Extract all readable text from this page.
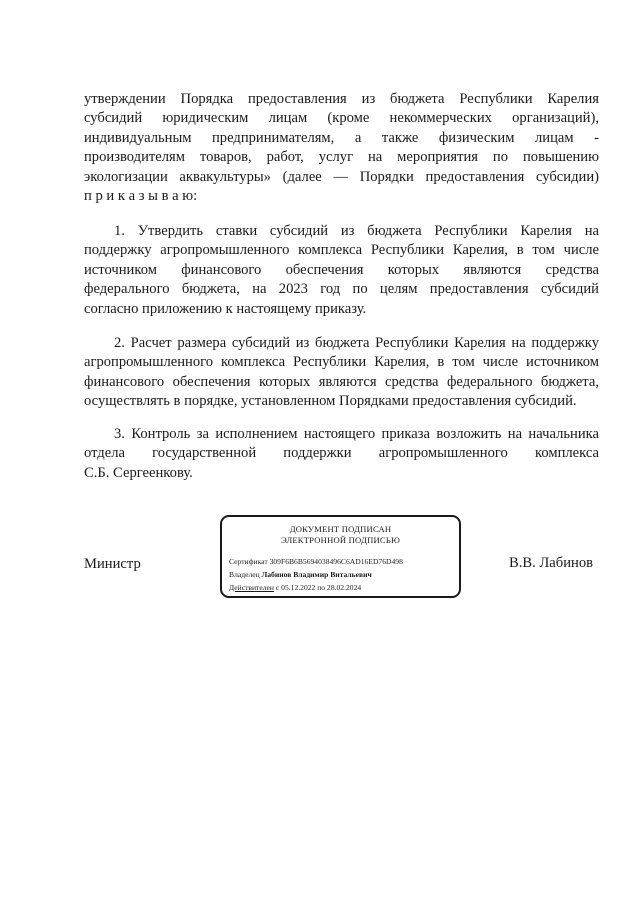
утверждении Порядка предоставления из бюджета Республики Карелия
субсидий юридическим лицам (кроме некоммерческих организаций),
индивидуальным предпринимателям, а также физическим лицам -
производителям товаров, работ, услуг на мероприятия по повышению
экологизации аквакультуры» (далее — Порядки предоставления субсидии)
п р и к а з ы в а ю:
1. Утвердить ставки субсидий из бюджета Республики Карелия на
поддержку агропромышленного комплекса Республики Карелия, в том числе
источником финансового обеспечения которых являются средства
федерального бюджета, на 2023 год по целям предоставления субсидий
согласно приложению к настоящему приказу.
2. Расчет размера субсидий из бюджета Республики Карелия на поддержку
агропромышленного комплекса Республики Карелия, в том числе источником
финансового обеспечения которых являются средства федерального бюджета,
осуществлять в порядке, установленном Порядками предоставления субсидий.
3. Контроль за исполнением настоящего приказа возложить на начальника
отдела государственной поддержки агропромышленного комплекса
С.Б. Сергеенкову.
Министр	В.В. Лабинов
ДОКУМЕНТ ПОДПИСАН
ЭЛЕКТРОННОЙ ПОДПИСЬЮ
Сертификат 309F6B6B5694038496C6AD16ED76D498
Владелец Лабинов Владимир Витальевич
Действителен с 05.12.2022 по 28.02.2024
